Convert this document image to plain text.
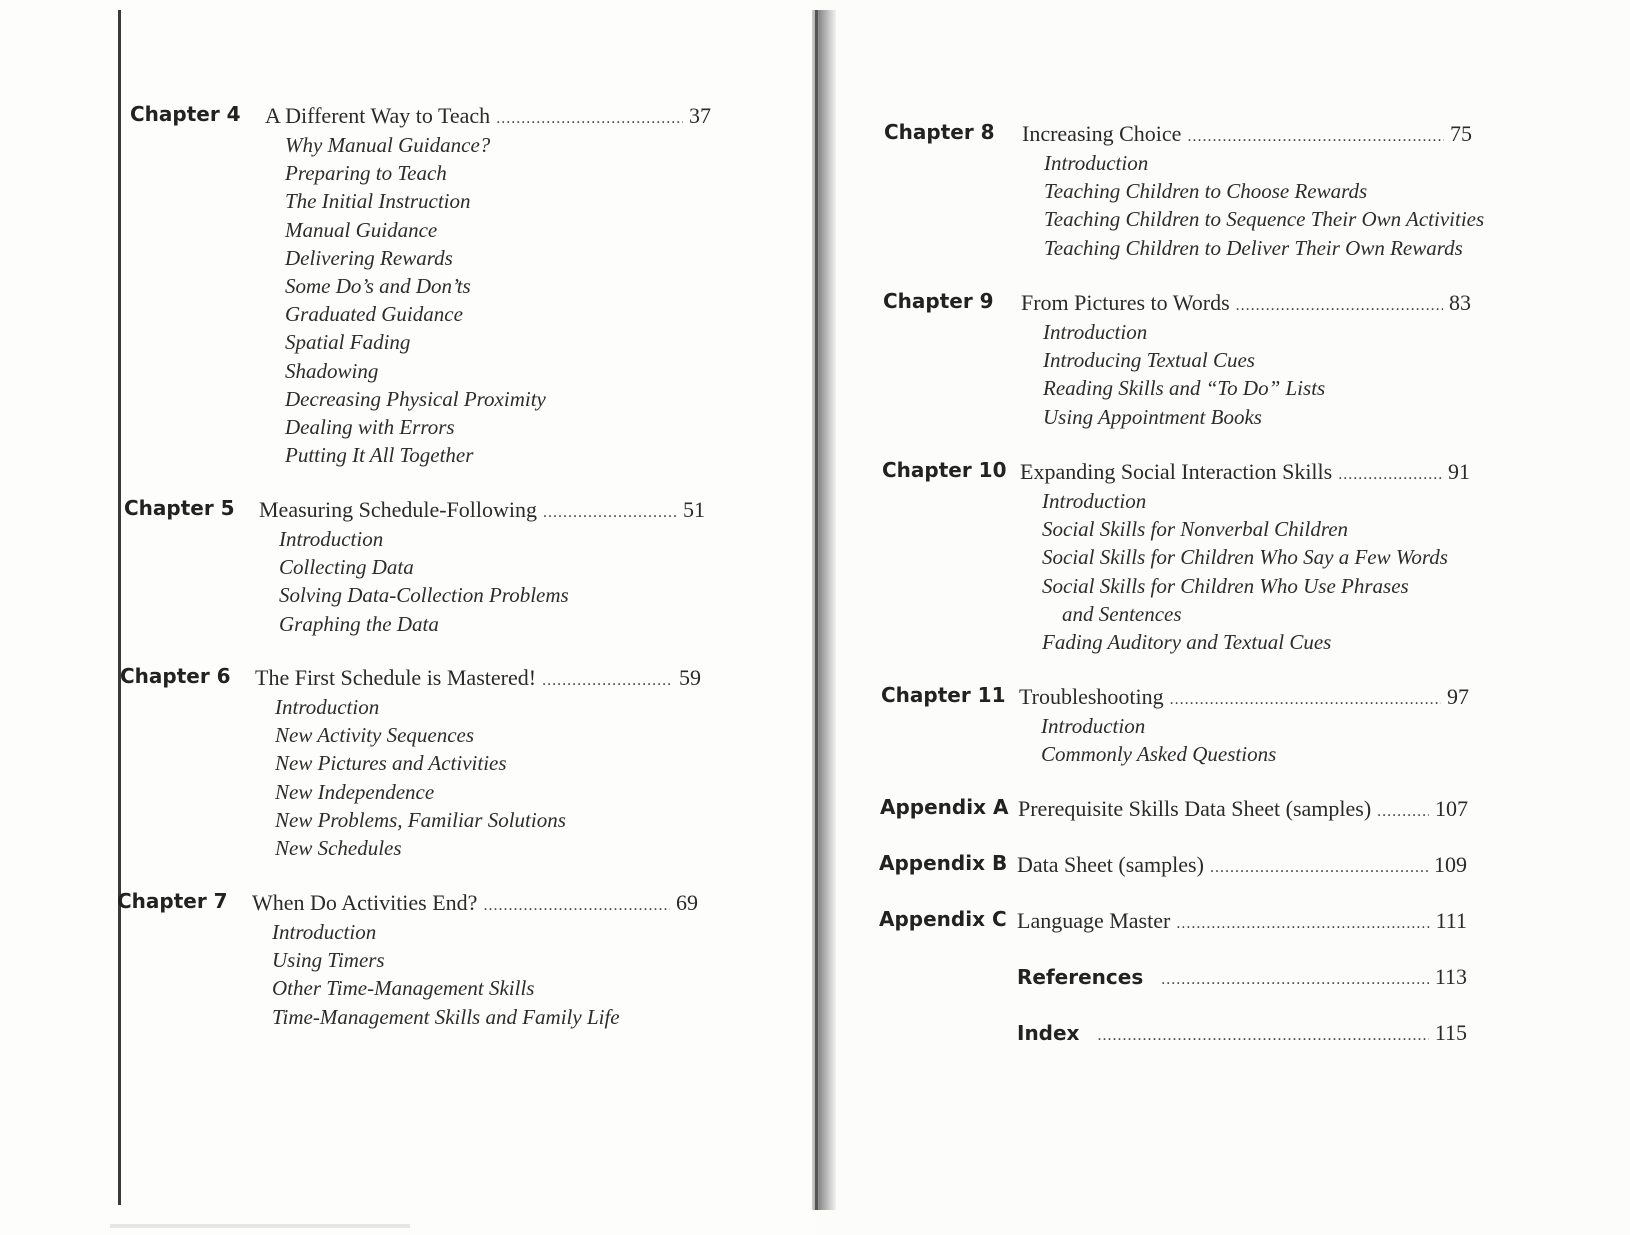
Chapter 4 A Different Way to Teach .....	37
Why Manual Guidance?
Preparing to Teach
The Initial Instruction
Manual Guidance
Delivering Rewards
Some Do’s and Don’ts
Graduated Guidance
Spatial Fading
Shadowing
Decreasing Physical Proximity
Dealing with Errors
Putting It All Together
Chapter 5 Measuring Schedule-Following .....	51
Introduction
Collecting Data
Solving Data-Collection Problems
Graphing the Data
Chapter 6 The First Schedule is Mastered! .....	59
Introduction
New Activity Sequences
New Pictures and Activities
New Independence
New Problems, Familiar Solutions
New Schedules
Chapter 7 When Do Activities End? .....	69
Introduction
Using Timers
Other Time-Management Skills
Time-Management Skills and Family Life
Chapter 8 Increasing Choice .....	75
Introduction
Teaching Children to Choose Rewards
Teaching Children to Sequence Their Own Activities
Teaching Children to Deliver Their Own Rewards
Chapter 9 From Pictures to Words .....	83
Introduction
Introducing Textual Cues
Reading Skills and “To Do” Lists
Using Appointment Books
Chapter 10 Expanding Social Interaction Skills .....	91
Introduction
Social Skills for Nonverbal Children
Social Skills for Children Who Say a Few Words
Social Skills for Children Who Use Phrases
and Sentences
Fading Auditory and Textual Cues
Chapter 11 Troubleshooting .....	97
Introduction
Commonly Asked Questions
Appendix A Prerequisite Skills Data Sheet (samples) .....	107
Appendix B Data Sheet (samples) .....	109
Appendix C Language Master .....	111
References .....	113
Index .....	115
